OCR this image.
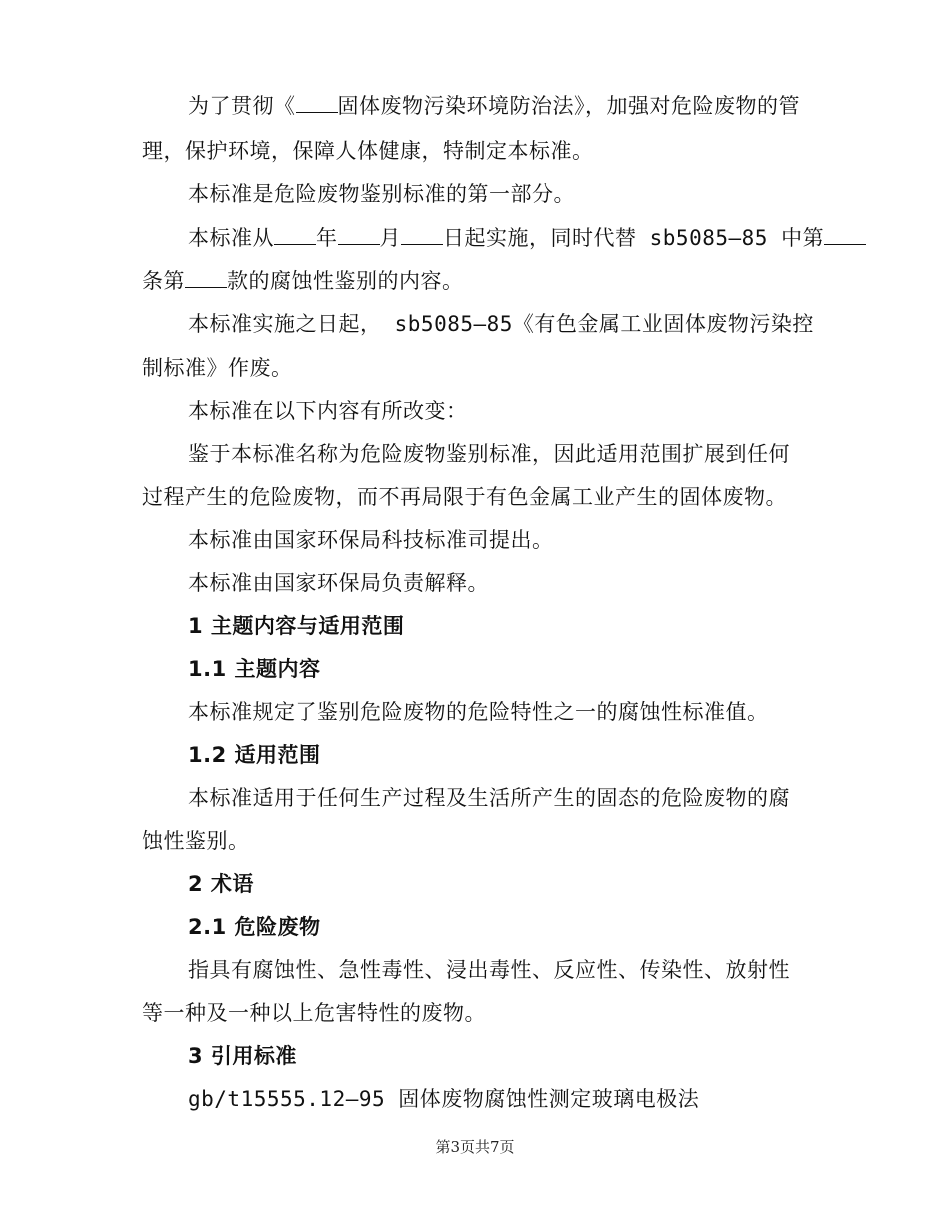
为了贯彻《 固体废物污染环境防治法》，加强对危险废物的管
理，保护环境，保障人体健康，特制定本标准。
本标准是危险废物鉴别标准的第一部分。
本标准从 年 月 日起实施，同时代替 sb5085—85 中第
条第 款的腐蚀性鉴别的内容。
本标准实施之日起， sb5085—85《有色金属工业固体废物污染控
制标准》作废。
本标准在以下内容有所改变：
鉴于本标准名称为危险废物鉴别标准，因此适用范围扩展到任何
过程产生的危险废物，而不再局限于有色金属工业产生的固体废物。
本标准由国家环保局科技标准司提出。
本标准由国家环保局负责解释。
1 主题内容与适用范围
1.1 主题内容
本标准规定了鉴别危险废物的危险特性之一的腐蚀性标准值。
1.2 适用范围
本标准适用于任何生产过程及生活所产生的固态的危险废物的腐
蚀性鉴别。
2 术语
2.1 危险废物
指具有腐蚀性、急性毒性、浸出毒性、反应性、传染性、放射性
等一种及一种以上危害特性的废物。
3 引用标准
gb/t15555.12—95 固体废物腐蚀性测定玻璃电极法
第3页共7页
